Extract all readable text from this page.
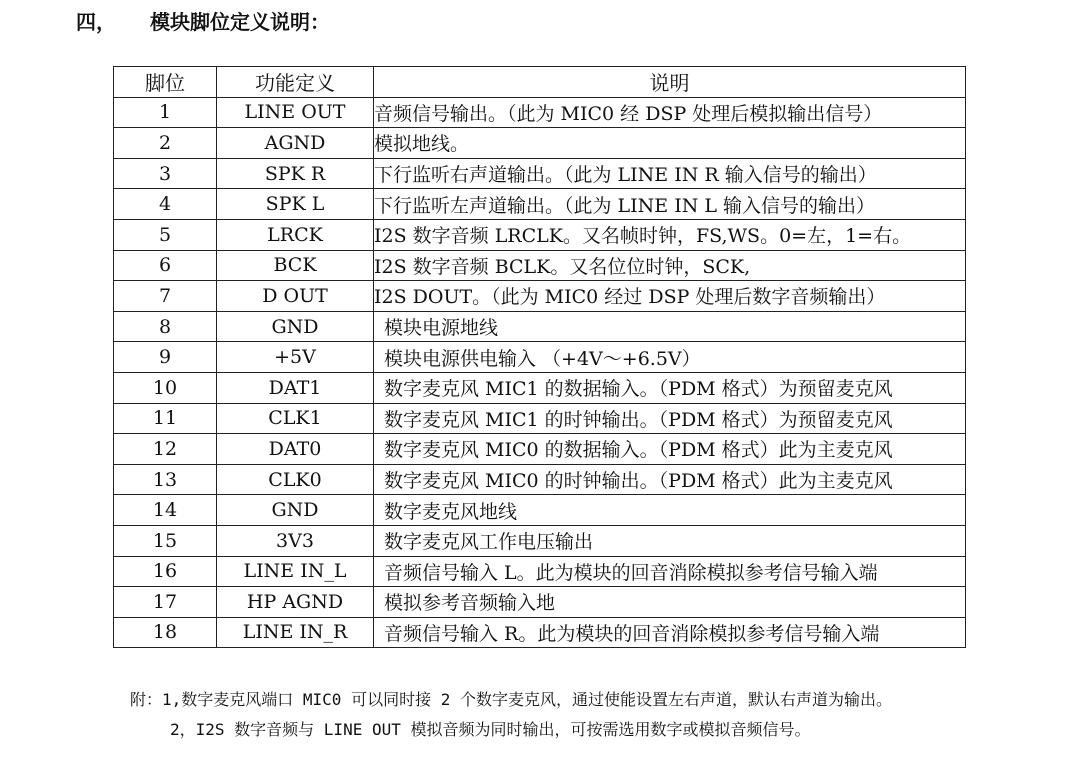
四， 模块脚位定义说明：
脚位	功能定义	说明
1	LINE OUT	音频信号输出。（此为 MIC0 经 DSP 处理后模拟输出信号）
2	AGND	模拟地线。
3	SPK R	下行监听右声道输出。（此为 LINE IN R 输入信号的输出）
4	SPK L	下行监听左声道输出。（此为 LINE IN L 输入信号的输出）
5	LRCK	I2S 数字音频 LRCLK。又名帧时钟，FS,WS。0=左，1=右。
6	BCK	I2S 数字音频 BCLK。又名位位时钟，SCK,
7	D OUT	I2S DOUT。（此为 MIC0 经过 DSP 处理后数字音频输出）
8	GND	模块电源地线
9	+5V	模块电源供电输入 （+4V～+6.5V）
10	DAT1	数字麦克风 MIC1 的数据输入。（PDM 格式）为预留麦克风
11	CLK1	数字麦克风 MIC1 的时钟输出。（PDM 格式）为预留麦克风
12	DAT0	数字麦克风 MIC0 的数据输入。（PDM 格式）此为主麦克风
13	CLK0	数字麦克风 MIC0 的时钟输出。（PDM 格式）此为主麦克风
14	GND	数字麦克风地线
15	3V3	数字麦克风工作电压输出
16	LINE IN_L	音频信号输入 L。此为模块的回音消除模拟参考信号输入端
17	HP AGND	模拟参考音频输入地
18	LINE IN_R	音频信号输入 R。此为模块的回音消除模拟参考信号输入端
附：1,数字麦克风端口 MIC0 可以同时接 2 个数字麦克风，通过使能设置左右声道，默认右声道为输出。
2，I2S 数字音频与 LINE OUT 模拟音频为同时输出，可按需选用数字或模拟音频信号。
